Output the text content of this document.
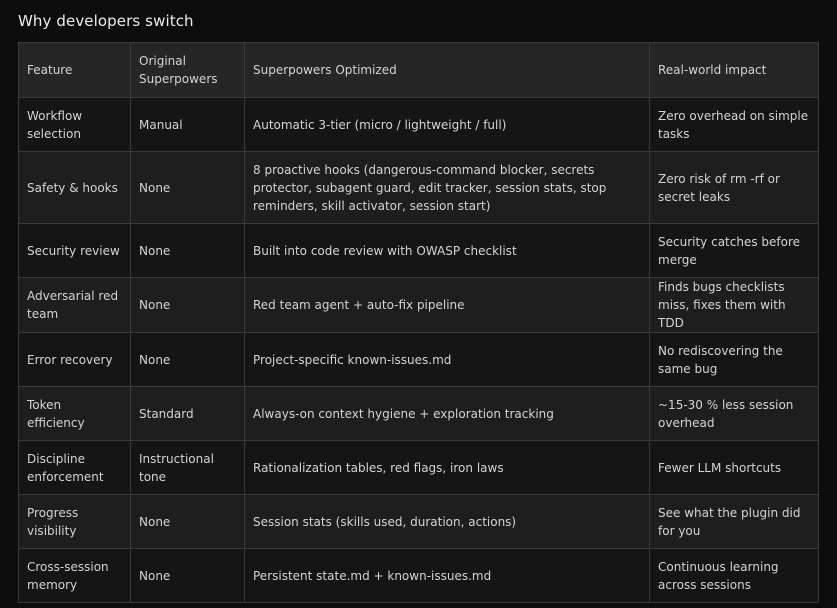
Why developers switch
Feature	Original Superpowers	Superpowers Optimized	Real-world impact
Workflow selection	Manual	Automatic 3-tier (micro / lightweight / full)	Zero overhead on simple tasks
Safety & hooks	None	8 proactive hooks (dangerous-command blocker, secrets protector, subagent guard, edit tracker, session stats, stop reminders, skill activator, session start)	Zero risk of rm -rf or secret leaks
Security review	None	Built into code review with OWASP checklist	Security catches before merge
Adversarial red team	None	Red team agent + auto-fix pipeline	Finds bugs checklists miss, fixes them with TDD
Error recovery	None	Project-specific known-issues.md	No rediscovering the same bug
Token efficiency	Standard	Always-on context hygiene + exploration tracking	~15-30 % less session overhead
Discipline enforcement	Instructional tone	Rationalization tables, red flags, iron laws	Fewer LLM shortcuts
Progress visibility	None	Session stats (skills used, duration, actions)	See what the plugin did for you
Cross-session memory	None	Persistent state.md + known-issues.md	Continuous learning across sessions
